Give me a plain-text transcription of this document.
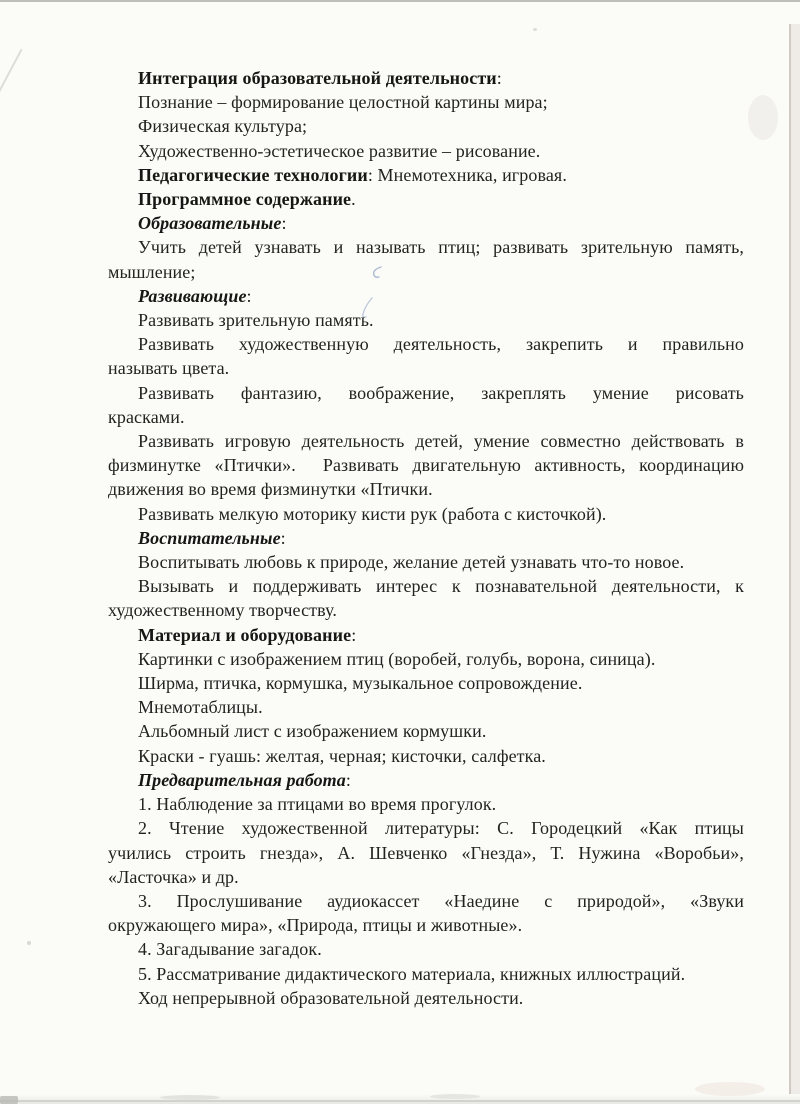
Интеграция образовательной деятельности:
Познание – формирование целостной картины мира;
Физическая культура;
Художественно-эстетическое развитие – рисование.
Педагогические технологии: Мнемотехника, игровая.
Программное содержание.
Образовательные:
Учить детей узнавать и называть птиц; развивать зрительную память,
мышление;
Развивающие:
Развивать зрительную память.
Развивать художественную деятельность, закрепить и правильно
называть цвета.
Развивать фантазию, воображение, закреплять умение рисовать
красками.
Развивать игровую деятельность детей, умение совместно действовать в
физминутке «Птички».  Развивать двигательную активность, координацию
движения во время физминутки «Птички.
Развивать мелкую моторику кисти рук (работа с кисточкой).
Воспитательные:
Воспитывать любовь к природе, желание детей узнавать что-то новое.
Вызывать и поддерживать интерес к познавательной деятельности, к
художественному творчеству.
Материал и оборудование:
Картинки с изображением птиц (воробей, голубь, ворона, синица).
Ширма, птичка, кормушка, музыкальное сопровождение.
Мнемотаблицы.
Альбомный лист с изображением кормушки.
Краски - гуашь: желтая, черная; кисточки, салфетка.
Предварительная работа:
1. Наблюдение за птицами во время прогулок.
2. Чтение художественной литературы: С. Городецкий «Как птицы
учились строить гнезда», А. Шевченко «Гнезда», Т. Нужина «Воробьи»,
«Ласточка» и др.
3. Прослушивание аудиокассет «Наедине с природой», «Звуки
окружающего мира», «Природа, птицы и животные».
4. Загадывание загадок.
5. Рассматривание дидактического материала, книжных иллюстраций.
Ход непрерывной образовательной деятельности.
